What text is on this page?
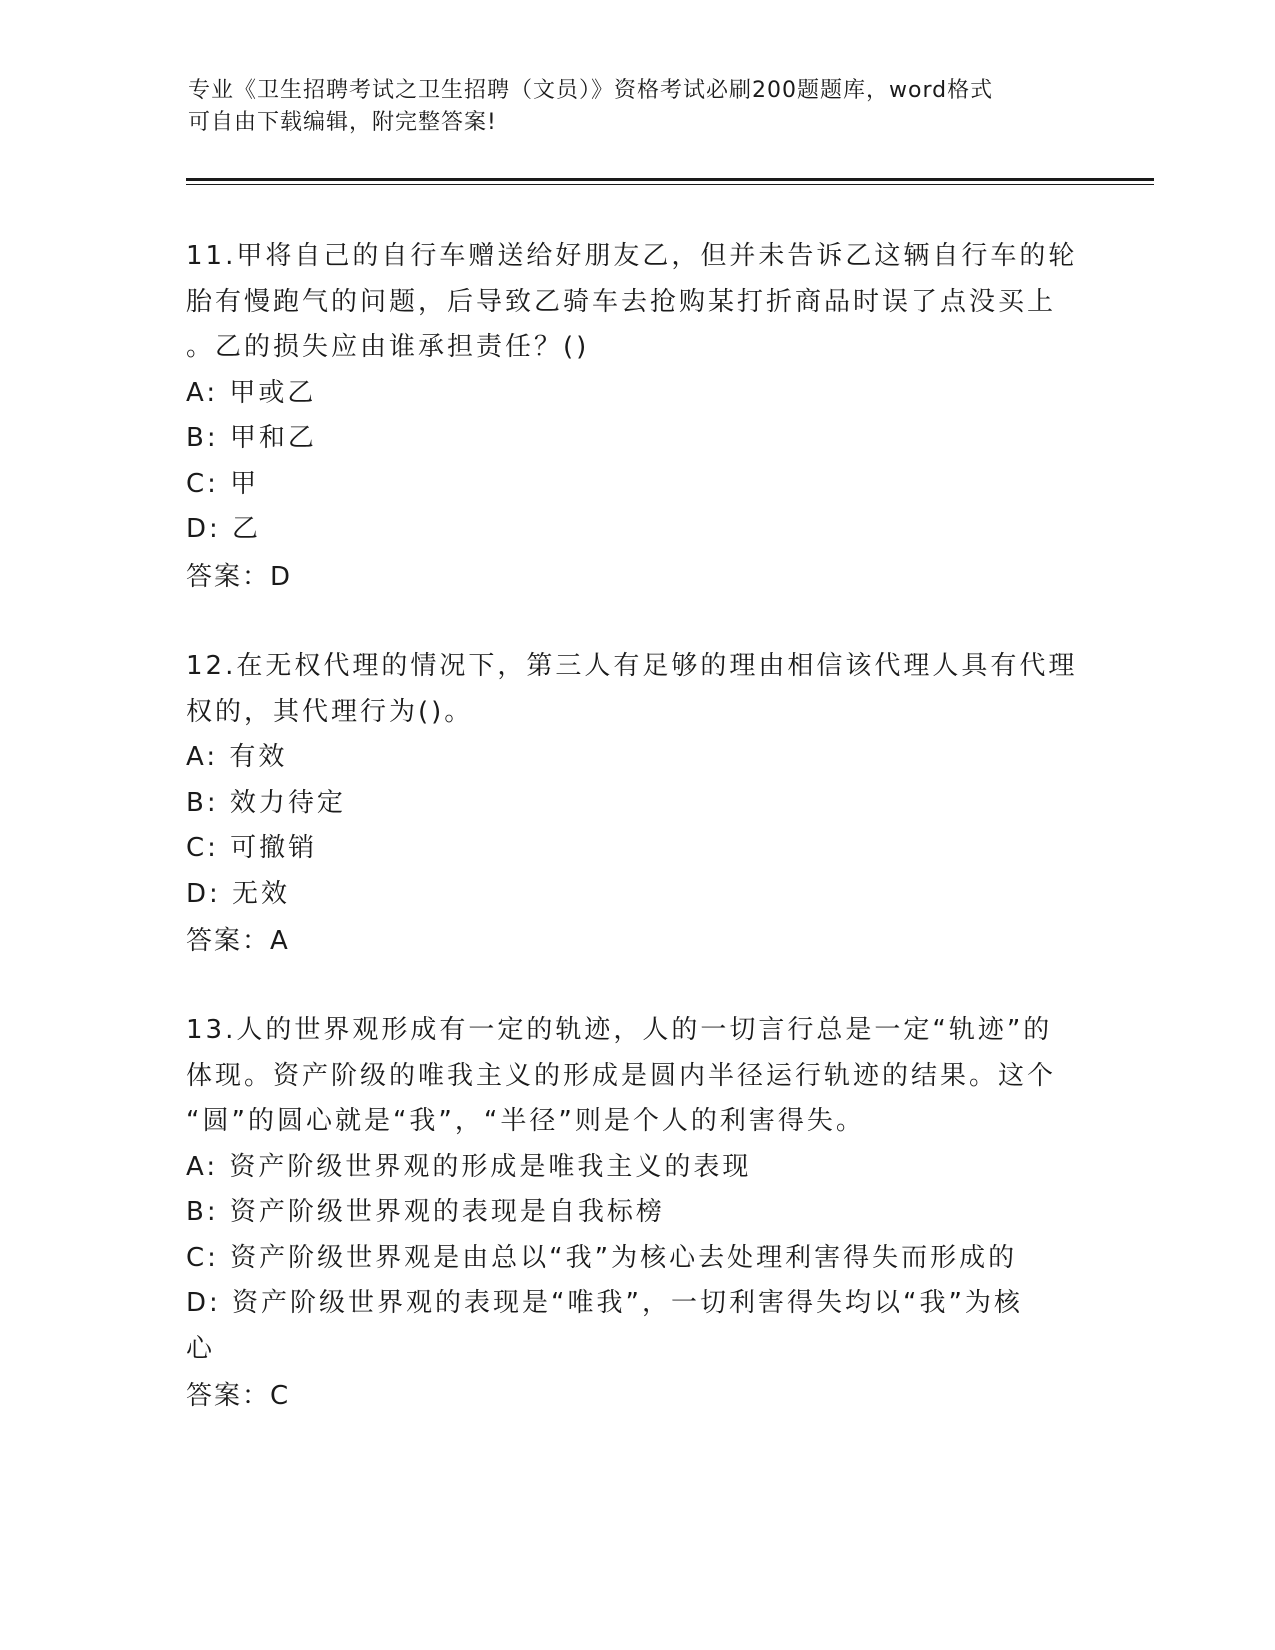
专业《卫生招聘考试之卫生招聘（文员）》资格考试必刷200题题库，word格式
可自由下载编辑，附完整答案!
11.甲将自己的自行车赠送给好朋友乙，但并未告诉乙这辆自行车的轮
胎有慢跑气的问题，后导致乙骑车去抢购某打折商品时误了点没买上
。乙的损失应由谁承担责任？()
A: 甲或乙
B: 甲和乙
C: 甲
D: 乙
答案：D
12.在无权代理的情况下，第三人有足够的理由相信该代理人具有代理
权的，其代理行为()。
A: 有效
B: 效力待定
C: 可撤销
D: 无效
答案：A
13.人的世界观形成有一定的轨迹，人的一切言行总是一定“轨迹”的
体现。资产阶级的唯我主义的形成是圆内半径运行轨迹的结果。这个
“圆”的圆心就是“我”，“半径”则是个人的利害得失。
A: 资产阶级世界观的形成是唯我主义的表现
B: 资产阶级世界观的表现是自我标榜
C: 资产阶级世界观是由总以“我”为核心去处理利害得失而形成的
D: 资产阶级世界观的表现是“唯我”，一切利害得失均以“我”为核
心
答案：C
